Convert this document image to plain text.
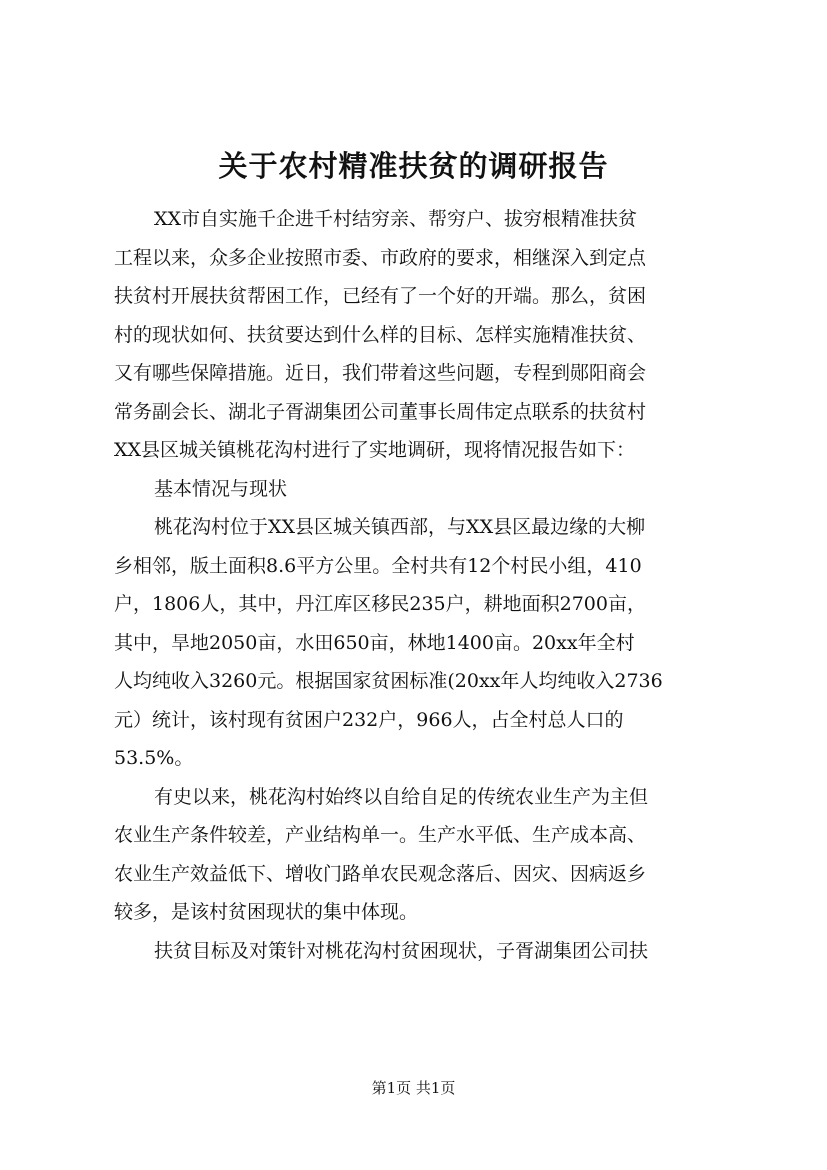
关于农村精准扶贫的调研报告
XX市自实施千企进千村结穷亲、帮穷户、拔穷根精准扶贫
工程以来，众多企业按照市委、市政府的要求，相继深入到定点
扶贫村开展扶贫帮困工作，已经有了一个好的开端。那么，贫困
村的现状如何、扶贫要达到什么样的目标、怎样实施精准扶贫、
又有哪些保障措施。近日，我们带着这些问题，专程到郧阳商会
常务副会长、湖北子胥湖集团公司董事长周伟定点联系的扶贫村
XX县区城关镇桃花沟村进行了实地调研，现将情况报告如下：
基本情况与现状
桃花沟村位于XX县区城关镇西部，与XX县区最边缘的大柳
乡相邻，版土面积8.6平方公里。全村共有12个村民小组，410
户，1806人，其中，丹江库区移民235户，耕地面积2700亩，
其中，旱地2050亩，水田650亩，林地1400亩。20xx年全村
人均纯收入3260元。根据国家贫困标准(20xx年人均纯收入2736
元）统计，该村现有贫困户232户，966人，占全村总人口的
53.5%。
有史以来，桃花沟村始终以自给自足的传统农业生产为主但
农业生产条件较差，产业结构单一。生产水平低、生产成本高、
农业生产效益低下、增收门路单农民观念落后、因灾、因病返乡
较多，是该村贫困现状的集中体现。
扶贫目标及对策针对桃花沟村贫困现状，子胥湖集团公司扶
第1页 共1页
